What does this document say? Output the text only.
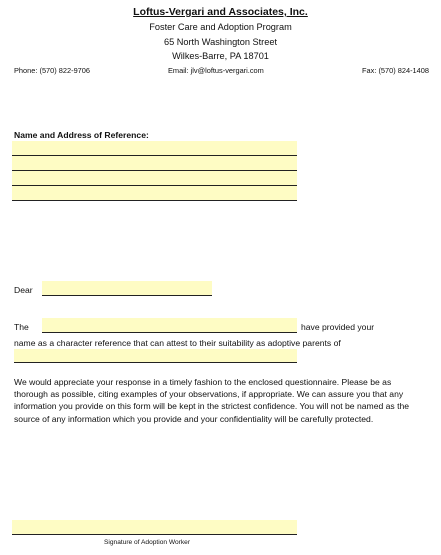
Loftus-Vergari and Associates, Inc.
Foster Care and Adoption Program
65 North Washington Street
Wilkes-Barre, PA 18701
Phone: (570) 822-9706	Email: jlv@loftus-vergari.com	Fax: (570) 824-1408
Name and Address of Reference:
Dear
The	have provided your
name as a character reference that can attest to their suitability as adoptive parents of
We would appreciate your response in a timely fashion to the enclosed questionnaire. Please be as thorough as possible, citing examples of your observations, if appropriate. We can assure you that any information you provide on this form will be kept in the strictest confidence. You will not be named as the source of any information which you provide and your confidentiality will be carefully protected.
Signature of Adoption Worker
